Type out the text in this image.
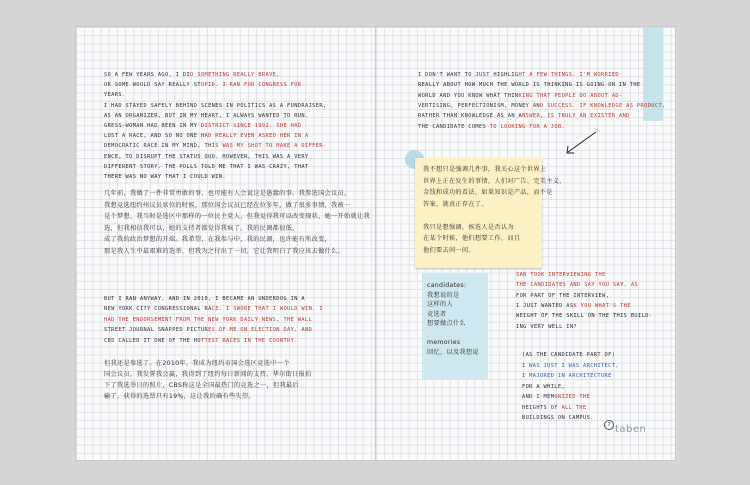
SO A FEW YEARS AGO, I DID SOMETHING REALLY BRAVE,
OR SOME WOULD SAY REALLY STUPID. I RAN FOR CONGRESS FOR
YEARS.
I HAD STAYED SAFELY BEHIND SCENES IN POLITICS AS A FUNDRAISER,
AS AN ORGANIZER, BUT IN MY HEART, I ALWAYS WANTED TO RUN.
GRESS-WOMAN HAD BEEN IN MY DISTRICT SINCE 1992. SHE HAD
LOST A RACE, AND SO NO ONE HAD REALLY EVEN ASKED HER IN A
DEMOCRATIC RACE IN MY MIND, THIS WAS MY SHOT TO MAKE A DIFFER-
ENCE, TO DISRUPT THE STATUS QUO. HOWEVER, THIS WAS A VERY
DIFFERENT STORY. THE POLLS TOLD ME THAT I WAS CRAZY, THAT
THERE WAS NO WAY THAT I COULD WIN.
几年前，我做了一件非常勇敢的事，也可能有人会说这是愚蠢的事。我参选国会议员，
我想竞选纽约州议员席位的时候，那位国会议员已经在位多年，做了很多事情，我被一
是个梦想，我当时是选区中那样的一位民主党人，但我觉得我可以改变现状，她一开始就让我
选，但我相信我可以，她的支持者都觉得我疯了。我的民调都很低，
成了我的政治梦想的开端。我希望，在我参与中，我的民调，也许能有所改变，
那是我人生中最艰难的选举，但我为之付出了一切，它让我明白了我应该去做什么。
BUT I RAN ANYWAY, AND IN 2010, I BECAME AN UNDERDOG IN A
NEW YORK CITY CONGRESSIONAL RACE. I SWORE THAT I WOULD WIN. I
HAD THE ENDORSEMENT FROM THE NEW YORK DAILY NEWS, THE WALL
STREET JOURNAL SNAPPED PICTURES OF ME ON ELECTION DAY, AND
CBS CALLED IT ONE OF THE HOTTEST RACES IN THE COUNTRY.
但我还是参选了。在2010年，我成为纽约市国会选区竞选中一个
国会议员，我发誓我会赢，我得到了纽约每日新闻的支持，华尔街日报拍
下了我选举日的照片，CBS称这是全国最热门的竞选之一，但我最后
输了，获得的选票只有19%，这让我的确有些失望。
I DON'T WANT TO JUST HIGHLIGHT A FEW THINGS. I'M WORRIED
REALLY ABOUT HOW MUCH THE WORLD IS THINKING IS GOING ON IN THE
WORLD AND YOU KNOW WHAT THINKING THAT PEOPLE DO ABOUT AD-
VERTISING, PERFECTIONISM, MONEY AND SUCCESS. IF KNOWLEDGE AS PRODUCT,
RATHER THAN KNOWLEDGE AS AN ANSWER, IS TRULY AN EXISTER AND
THE CANDIDATE COMES TO LOOKING FOR A JOB.
我不想只是强调几件事，我关心这个世界上
世界上正在发生的事情，人们对广告、完美主义、
金钱和成功的看法，如果知识是产品，而不是
答案，就真正存在了。
我只是想强调，候选人是否认为
在某个时候，他们想要工作，而且
他们要去问一问。
candidates:
我想说的是
这样的人
竞选者
想要做点什么
memories
回忆，以及我想说
SAN TOOK INTERVIEWING THE
THE CANDIDATES AND SAY YOU SAY, AS
FOR PART OF THE INTERVIEW,
I JUST WANTED ASK YOU WHAT'S THE
WEIGHT OF THE SKILL ON THE THIS BUILD-
ING VERY WELL IN?
(AS THE CANDIDATE PART OF)
I WAS JUST I WAS ARCHITECT,
I MAJORED IN ARCHITECTURE
FOR A WHILE,
AND I MEMORIZED THE
HEIGHTS OF ALL THE
BUILDINGS ON CAMPUS.
7 taben
